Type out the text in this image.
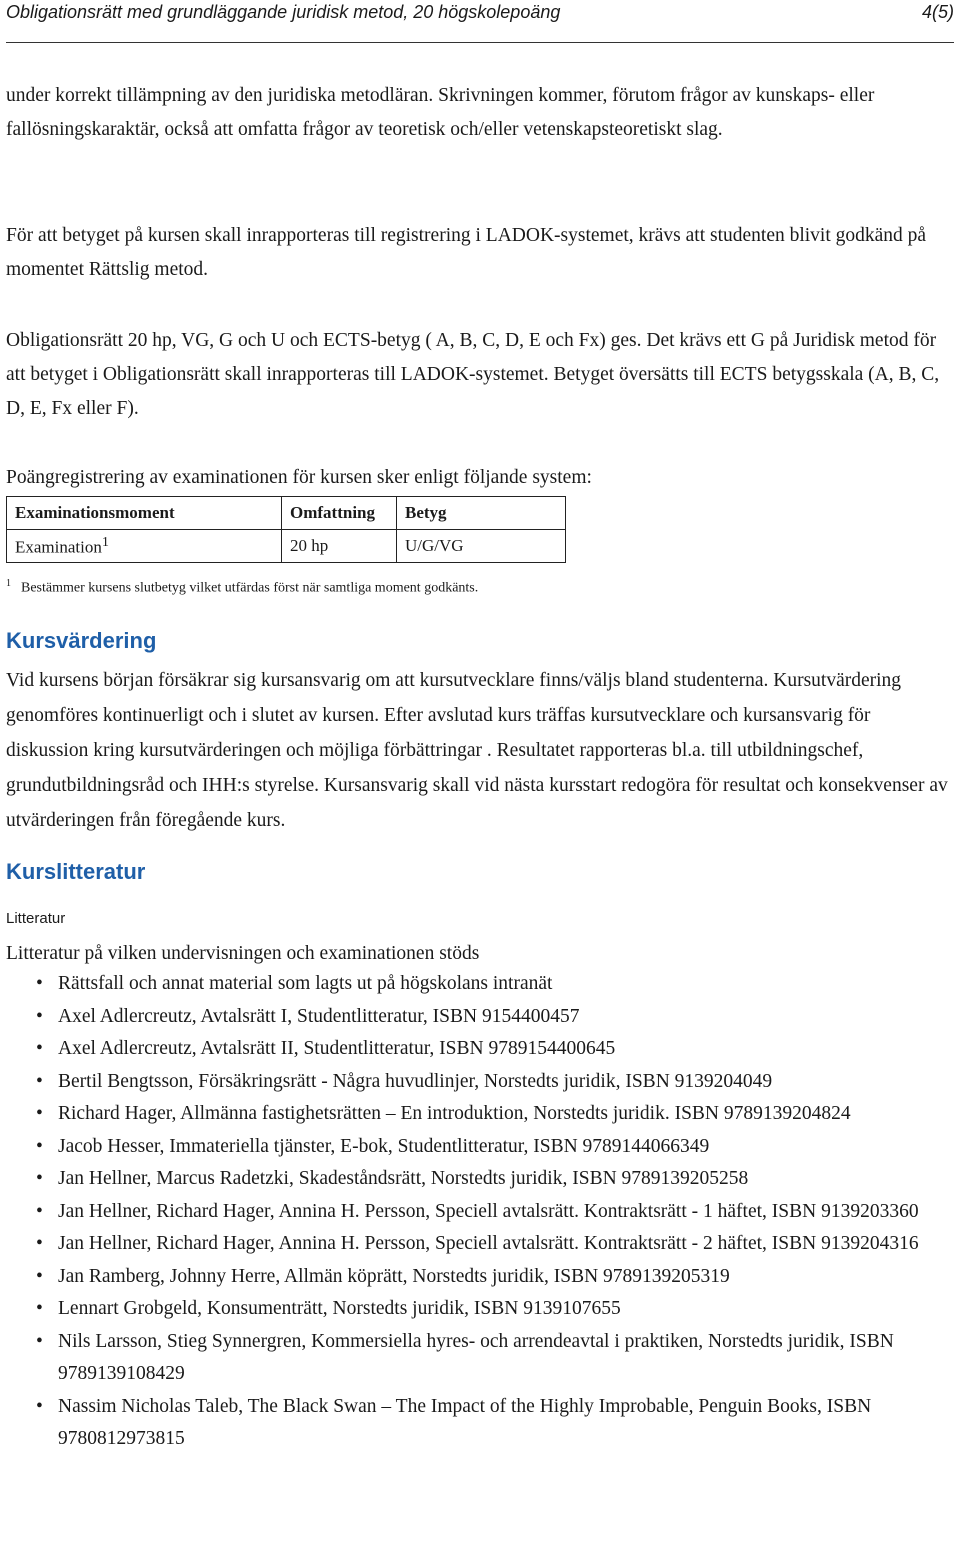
Obligationsrätt med grundläggande juridisk metod, 20 högskolepoäng	4(5)

under korrekt tillämpning av den juridiska metodläran. Skrivningen kommer, förutom frågor av kunskaps- eller fallösningskaraktär, också att omfatta frågor av teoretisk och/eller vetenskapsteoretiskt slag.

För att betyget på kursen skall inrapporteras till registrering i LADOK-systemet, krävs att studenten blivit godkänd på momentet Rättslig metod.

Obligationsrätt 20 hp, VG, G och U och ECTS-betyg ( A, B, C, D, E och Fx) ges. Det krävs ett G på Juridisk metod för att betyget i Obligationsrätt skall inrapporteras till LADOK-systemet. Betyget översätts till ECTS betygsskala (A, B, C, D, E, Fx eller F).

Poängregistrering av examinationen för kursen sker enligt följande system:

Examinationsmoment	Omfattning	Betyg
Examination$^1$	20 hp	U/G/VG
$^1$ Bestämmer kursens slutbetyg vilket utfärdas först när samtliga moment godkänts.
Kursvärdering

Vid kursens början försäkrar sig kursansvarig om att kursutvecklare finns/väljs bland studenterna. Kursutvärdering genomföres kontinuerligt och i slutet av kursen. Efter avslutad kurs träffas kursutvecklare och kursansvarig för diskussion kring kursutvärderingen och möjliga förbättringar . Resultatet rapporteras bl.a. till utbildningschef, grundutbildningsråd och IHH:s styrelse. Kursansvarig skall vid nästa kursstart redogöra för resultat och konsekvenser av utvärderingen från föregående kurs.

Kurslitteratur
Litteratur

Litteratur på vilken undervisningen och examinationen stöds

• Rättsfall och annat material som lagts ut på högskolans intranät
• Axel Adlercreutz, Avtalsrätt I, Studentlitteratur, ISBN 9154400457
• Axel Adlercreutz, Avtalsrätt II, Studentlitteratur, ISBN 9789154400645
• Bertil Bengtsson, Försäkringsrätt - Några huvudlinjer, Norstedts juridik, ISBN 9139204049
• Richard Hager, Allmänna fastighetsrätten – En introduktion, Norstedts juridik. ISBN 9789139204824
• Jacob Hesser, Immateriella tjänster, E-bok, Studentlitteratur, ISBN 9789144066349
• Jan Hellner, Marcus Radetzki, Skadeståndsrätt, Norstedts juridik, ISBN 9789139205258
• Jan Hellner, Richard Hager, Annina H. Persson, Speciell avtalsrätt. Kontraktsrätt - 1 häftet, ISBN 9139203360
• Jan Hellner, Richard Hager, Annina H. Persson, Speciell avtalsrätt. Kontraktsrätt - 2 häftet, ISBN 9139204316
• Jan Ramberg, Johnny Herre, Allmän köprätt, Norstedts juridik, ISBN 9789139205319
• Lennart Grobgeld, Konsumenträtt, Norstedts juridik, ISBN 9139107655
• Nils Larsson, Stieg Synnergren, Kommersiella hyres- och arrendeavtal i praktiken, Norstedts juridik, ISBN 9789139108429
• Nassim Nicholas Taleb, The Black Swan – The Impact of the Highly Improbable, Penguin Books, ISBN 9780812973815
